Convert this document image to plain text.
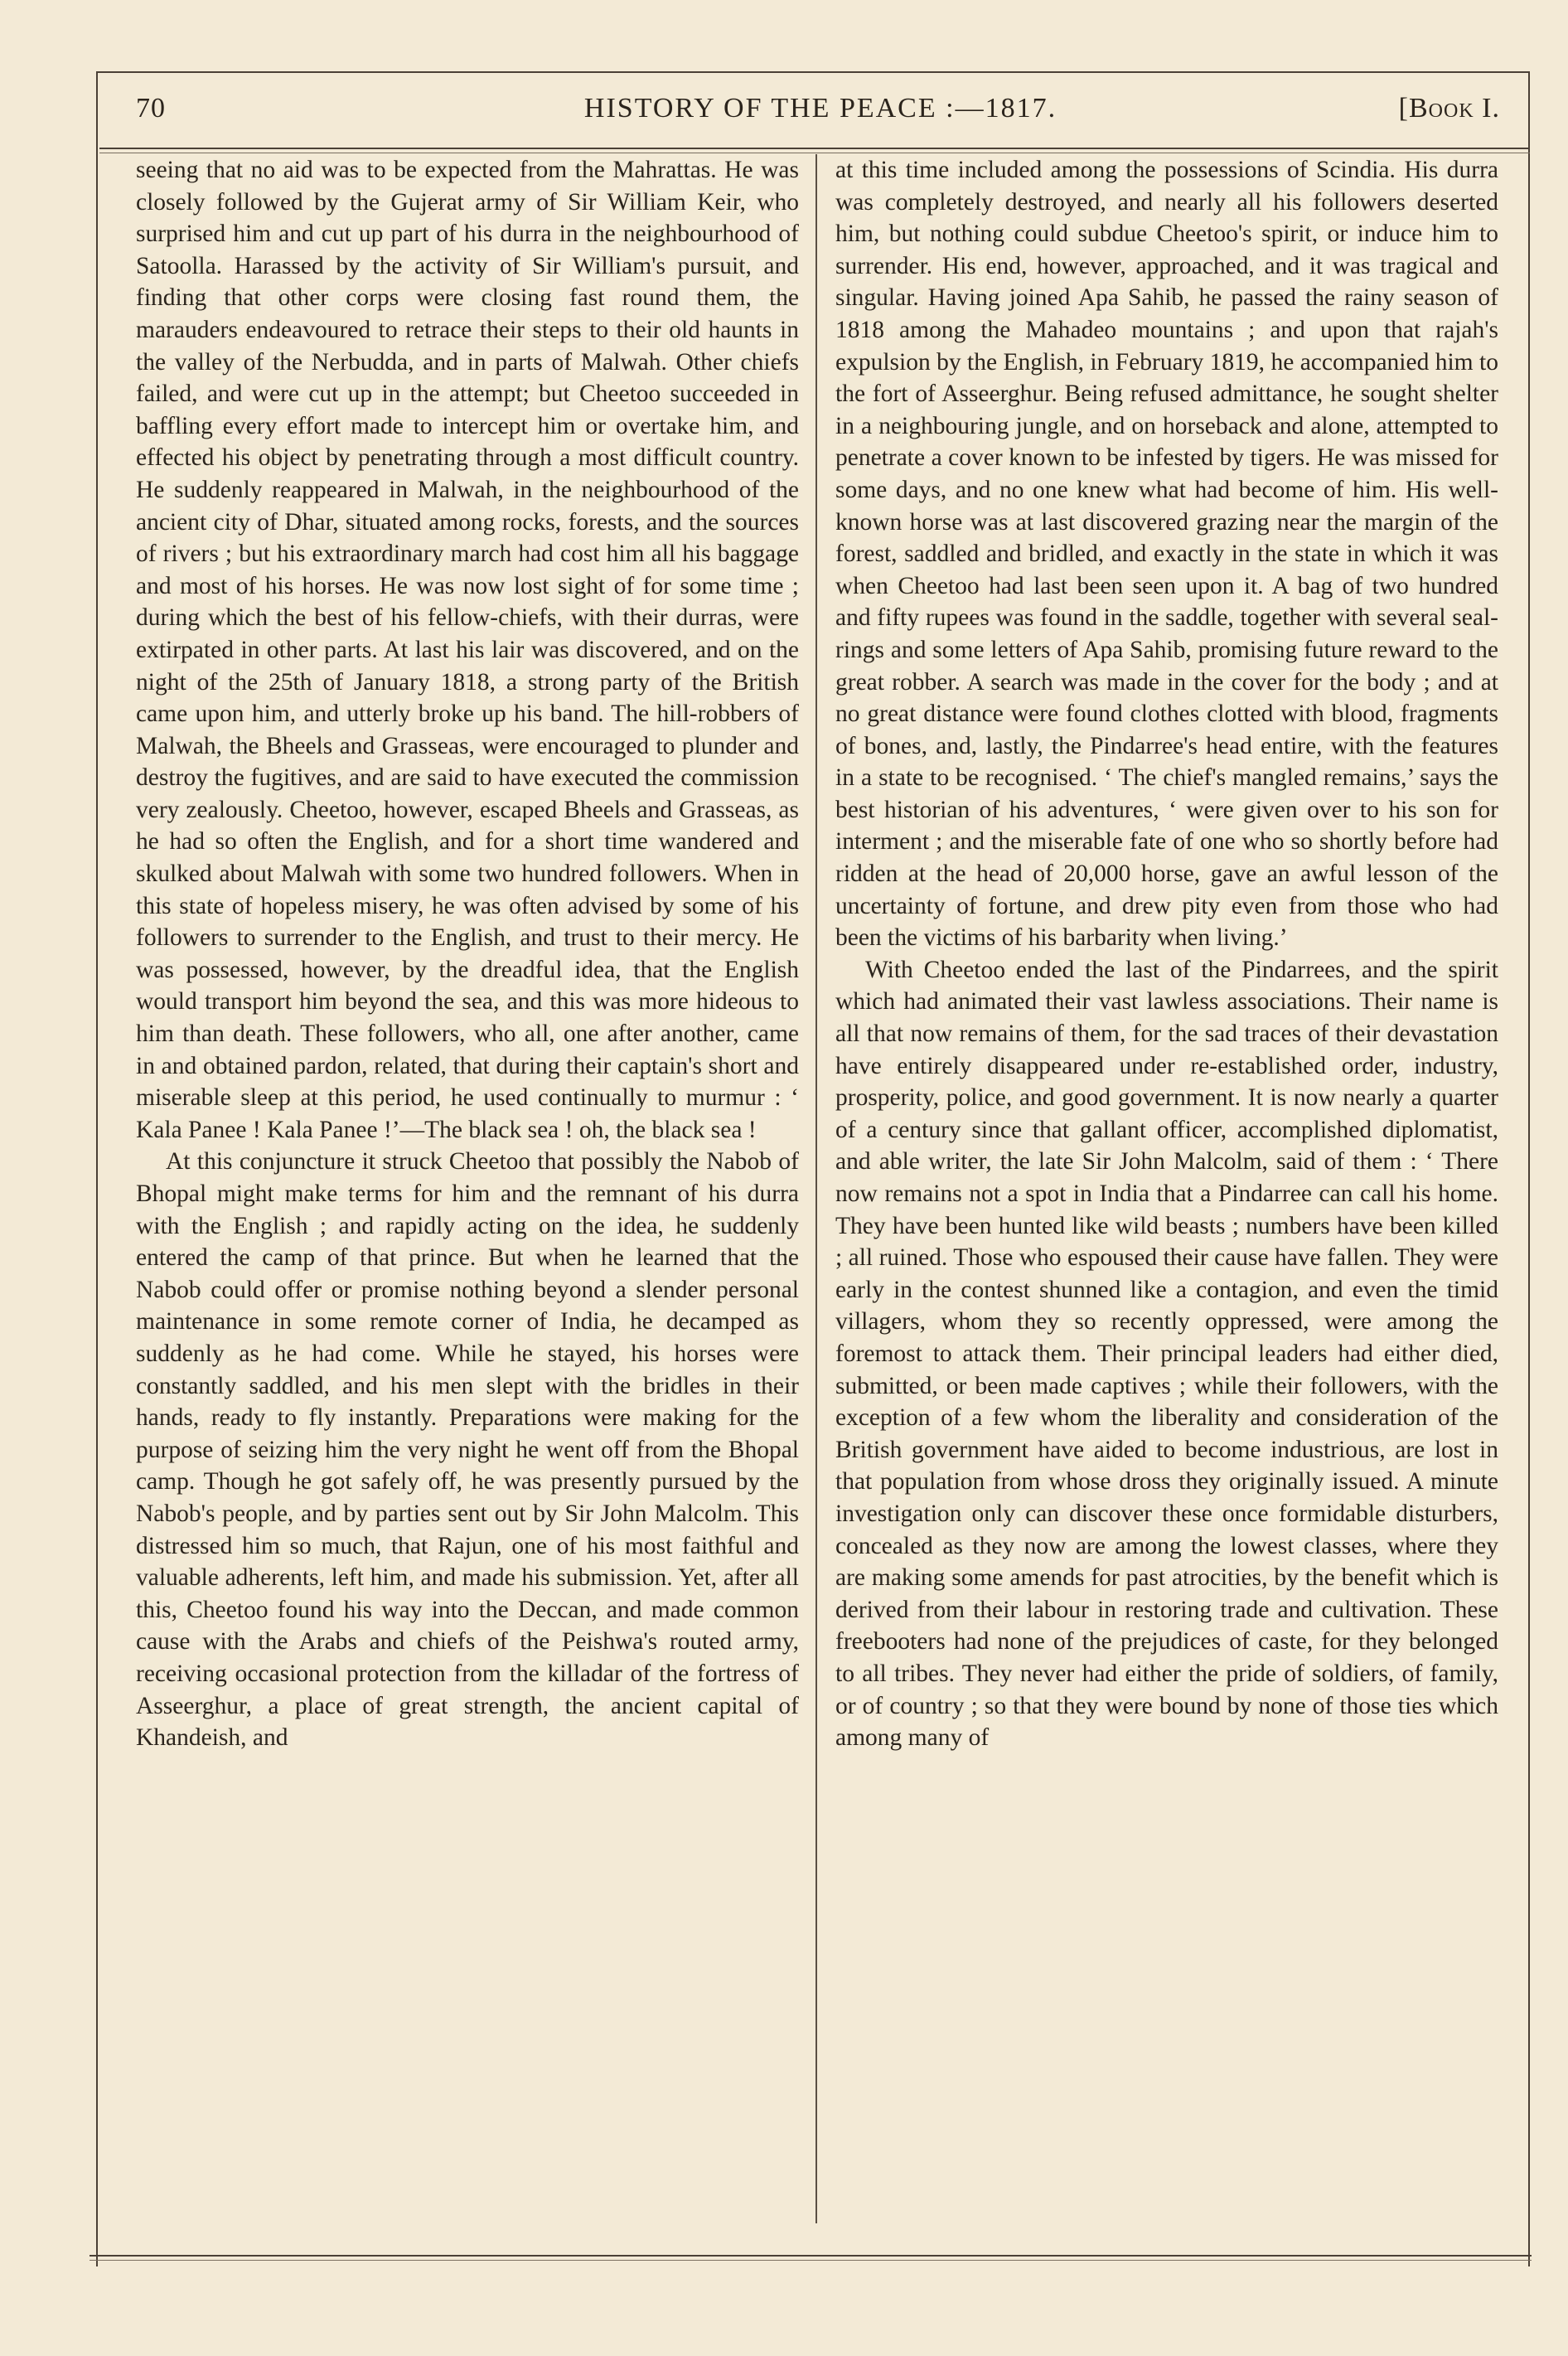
70	HISTORY OF THE PEACE :—1817.	[Book I.

seeing that no aid was to be expected from the Mahrattas. He was closely followed by the Gujerat army of Sir William Keir, who surprised him and cut up part of his durra in the neighbourhood of Satoolla. Harassed by the activity of Sir William's pursuit, and finding that other corps were closing fast round them, the marauders endeavoured to retrace their steps to their old haunts in the valley of the Nerbudda, and in parts of Malwah. Other chiefs failed, and were cut up in the attempt; but Cheetoo succeeded in baffling every effort made to intercept him or overtake him, and effected his object by penetrating through a most difficult country. He suddenly reappeared in Malwah, in the neighbourhood of the ancient city of Dhar, situated among rocks, forests, and the sources of rivers ; but his extraordinary march had cost him all his baggage and most of his horses. He was now lost sight of for some time ; during which the best of his fellow-chiefs, with their durras, were extirpated in other parts. At last his lair was discovered, and on the night of the 25th of January 1818, a strong party of the British came upon him, and utterly broke up his band. The hill-robbers of Malwah, the Bheels and Grasseas, were encouraged to plunder and destroy the fugitives, and are said to have executed the commission very zealously. Cheetoo, however, escaped Bheels and Grasseas, as he had so often the English, and for a short time wandered and skulked about Malwah with some two hundred followers. When in this state of hopeless misery, he was often advised by some of his followers to surrender to the English, and trust to their mercy. He was possessed, however, by the dreadful idea, that the English would transport him beyond the sea, and this was more hideous to him than death. These followers, who all, one after another, came in and obtained pardon, related, that during their captain's short and miserable sleep at this period, he used continually to murmur : ‘ Kala Panee ! Kala Panee !’—The black sea ! oh, the black sea !

At this conjuncture it struck Cheetoo that possibly the Nabob of Bhopal might make terms for him and the remnant of his durra with the English ; and rapidly acting on the idea, he suddenly entered the camp of that prince. But when he learned that the Nabob could offer or promise nothing beyond a slender personal maintenance in some remote corner of India, he decamped as suddenly as he had come. While he stayed, his horses were constantly saddled, and his men slept with the bridles in their hands, ready to fly instantly. Preparations were making for the purpose of seizing him the very night he went off from the Bhopal camp. Though he got safely off, he was presently pursued by the Nabob's people, and by parties sent out by Sir John Malcolm. This distressed him so much, that Rajun, one of his most faithful and valuable adherents, left him, and made his submission. Yet, after all this, Cheetoo found his way into the Deccan, and made common cause with the Arabs and chiefs of the Peishwa's routed army, receiving occasional protection from the killadar of the fortress of Asseerghur, a place of great strength, the ancient capital of Khandeish, and

at this time included among the possessions of Scindia. His durra was completely destroyed, and nearly all his followers deserted him, but nothing could subdue Cheetoo's spirit, or induce him to surrender. His end, however, approached, and it was tragical and singular. Having joined Apa Sahib, he passed the rainy season of 1818 among the Mahadeo mountains ; and upon that rajah's expulsion by the English, in February 1819, he accompanied him to the fort of Asseerghur. Being refused admittance, he sought shelter in a neighbouring jungle, and on horseback and alone, attempted to penetrate a cover known to be infested by tigers. He was missed for some days, and no one knew what had become of him. His well-known horse was at last discovered grazing near the margin of the forest, saddled and bridled, and exactly in the state in which it was when Cheetoo had last been seen upon it. A bag of two hundred and fifty rupees was found in the saddle, together with several seal-rings and some letters of Apa Sahib, promising future reward to the great robber. A search was made in the cover for the body ; and at no great distance were found clothes clotted with blood, fragments of bones, and, lastly, the Pindarree's head entire, with the features in a state to be recognised. ‘ The chief's mangled remains,’ says the best historian of his adventures, ‘ were given over to his son for interment ; and the miserable fate of one who so shortly before had ridden at the head of 20,000 horse, gave an awful lesson of the uncertainty of fortune, and drew pity even from those who had been the victims of his barbarity when living.’

With Cheetoo ended the last of the Pindarrees, and the spirit which had animated their vast lawless associations. Their name is all that now remains of them, for the sad traces of their devastation have entirely disappeared under re-established order, industry, prosperity, police, and good government. It is now nearly a quarter of a century since that gallant officer, accomplished diplomatist, and able writer, the late Sir John Malcolm, said of them : ‘ There now remains not a spot in India that a Pindarree can call his home. They have been hunted like wild beasts ; numbers have been killed ; all ruined. Those who espoused their cause have fallen. They were early in the contest shunned like a contagion, and even the timid villagers, whom they so recently oppressed, were among the foremost to attack them. Their principal leaders had either died, submitted, or been made captives ; while their followers, with the exception of a few whom the liberality and consideration of the British government have aided to become industrious, are lost in that population from whose dross they originally issued. A minute investigation only can discover these once formidable disturbers, concealed as they now are among the lowest classes, where they are making some amends for past atrocities, by the benefit which is derived from their labour in restoring trade and cultivation. These freebooters had none of the prejudices of caste, for they belonged to all tribes. They never had either the pride of soldiers, of family, or of country ; so that they were bound by none of those ties which among many of
